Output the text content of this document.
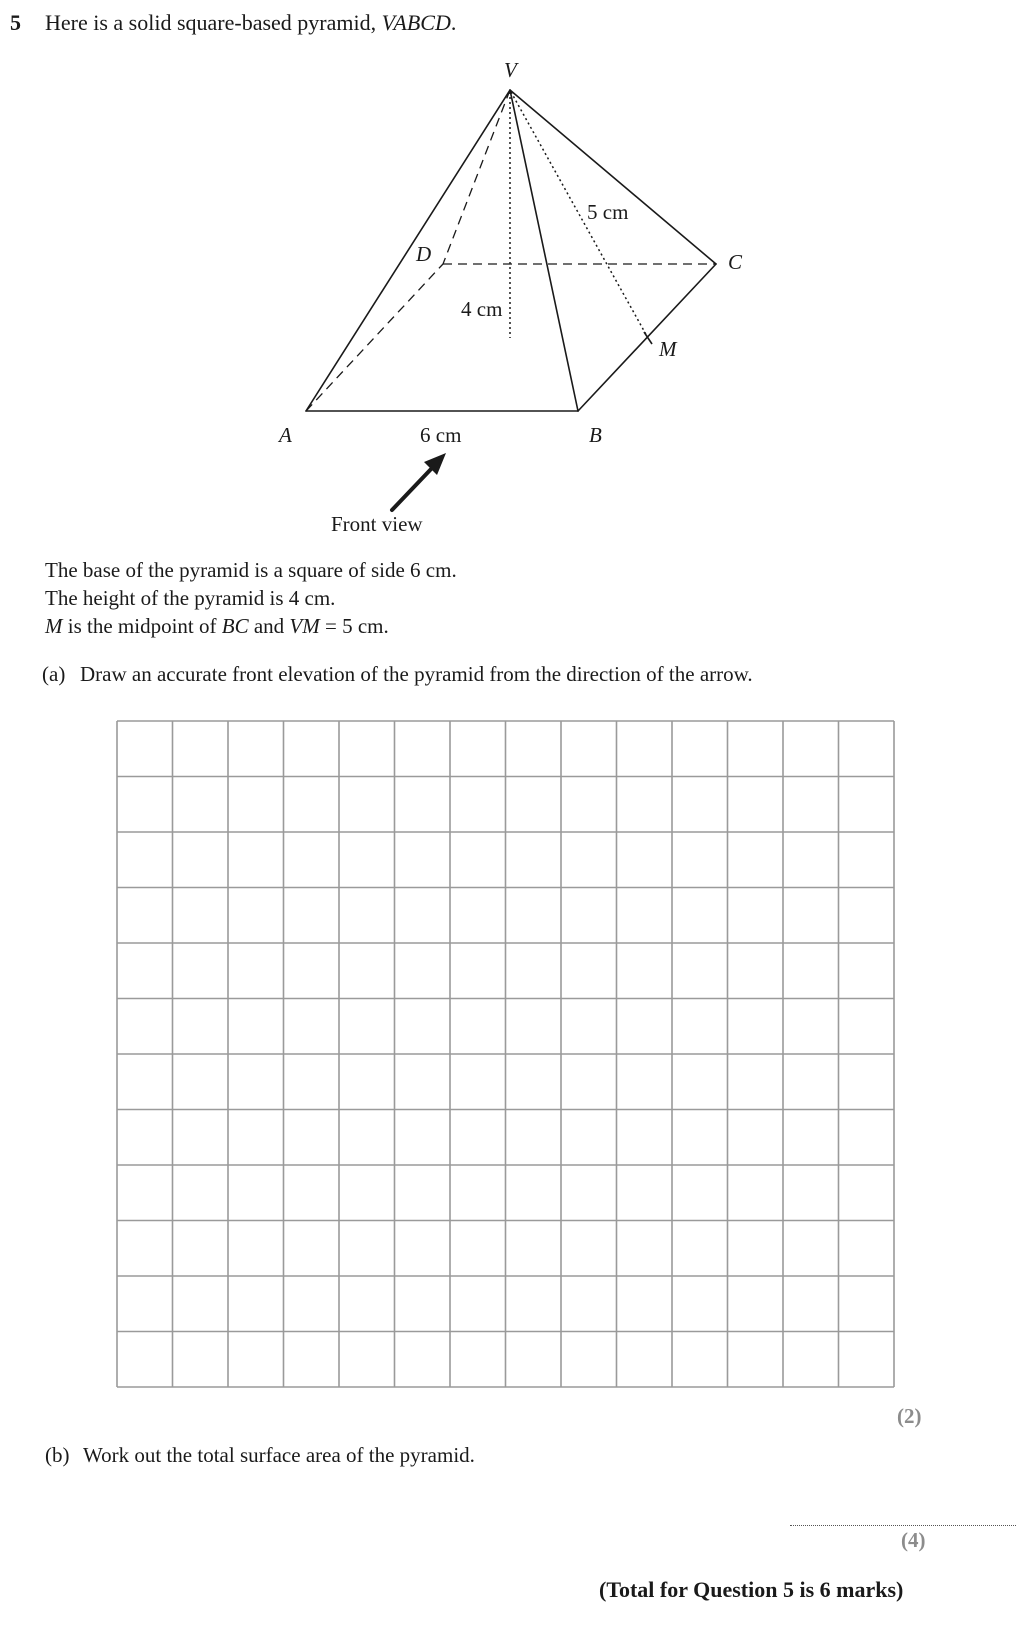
5 Here is a solid square-based pyramid, VABCD.
V
D	C
M
A	B
5 cm
4 cm
6 cm
Front view
The base of the pyramid is a square of side 6 cm.
The height of the pyramid is 4 cm.
M is the midpoint of BC and VM = 5 cm.
(a) Draw an accurate front elevation of the pyramid from the direction of the arrow.
(2)
(b) Work out the total surface area of the pyramid.
(4)
(Total for Question 5 is 6 marks)
